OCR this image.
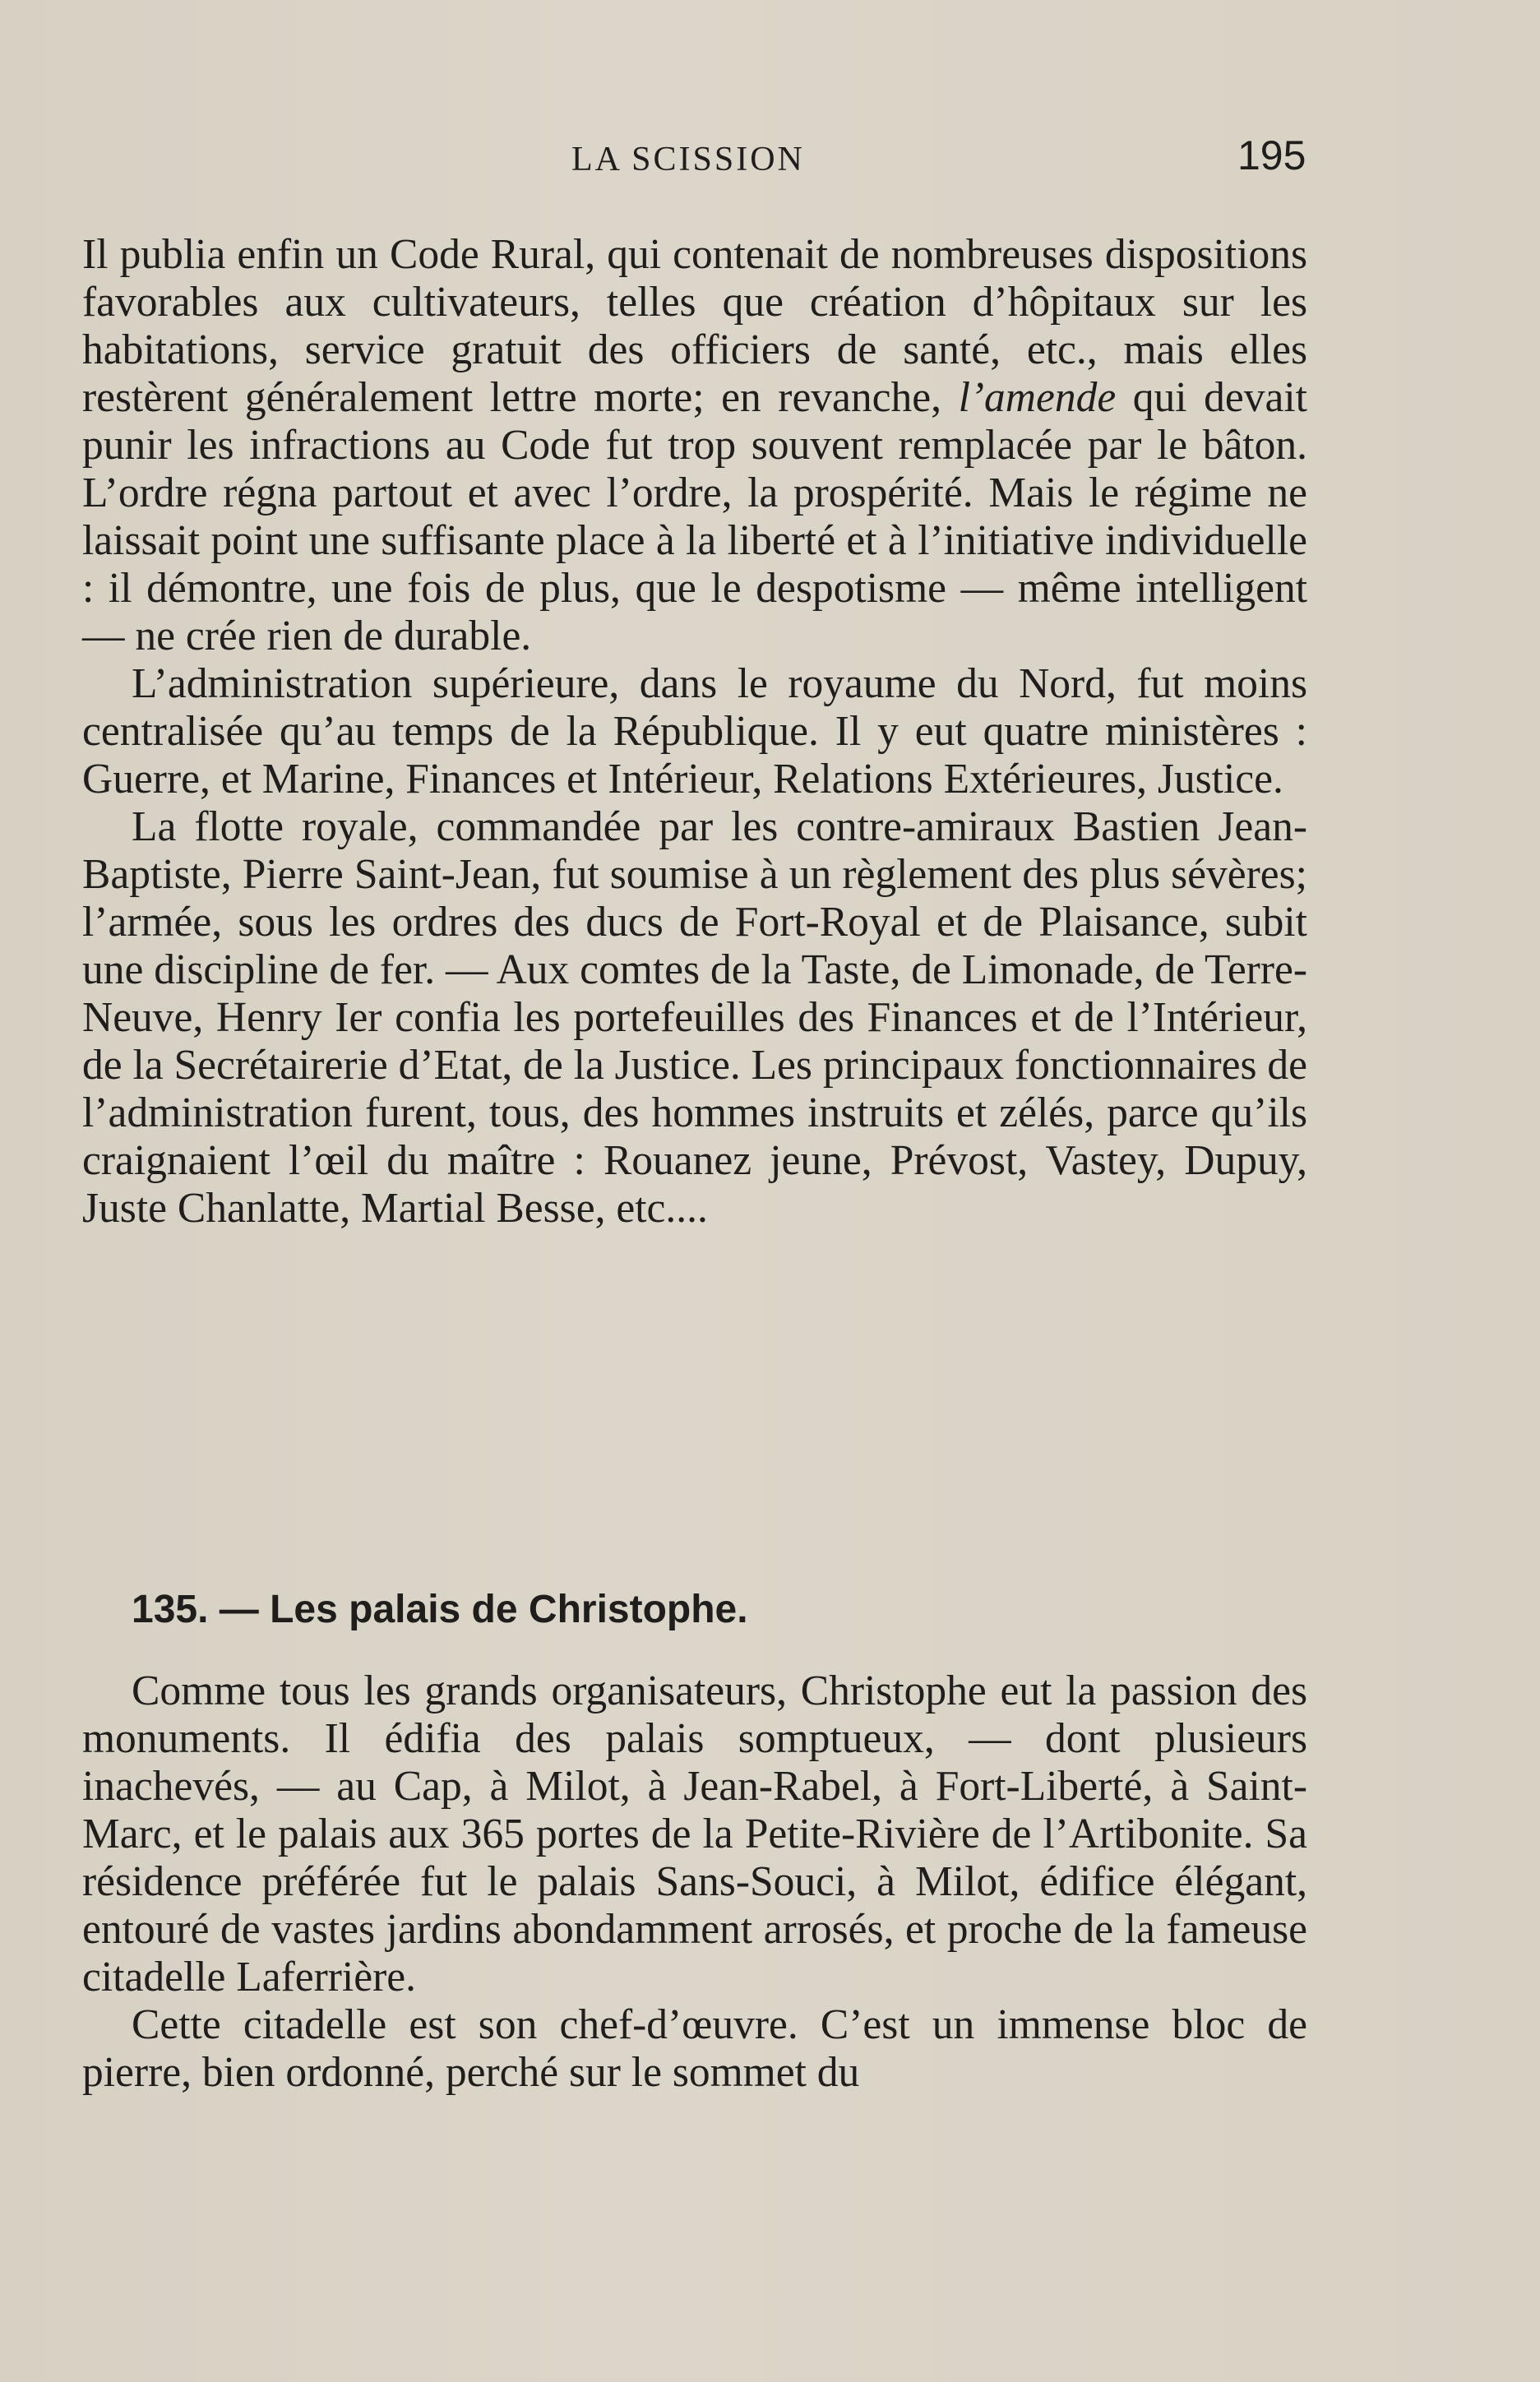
LA SCISSION	195

Il publia enfin un Code Rural, qui contenait de nombreuses dispositions favorables aux cultivateurs, telles que création d’hôpitaux sur les habitations, service gratuit des officiers de santé, etc., mais elles restèrent généralement lettre morte; en revanche, l’amende qui devait punir les infractions au Code fut trop souvent remplacée par le bâton. L’ordre régna partout et avec l’ordre, la prospérité. Mais le régime ne laissait point une suffisante place à la liberté et à l’initiative individuelle : il démontre, une fois de plus, que le despotisme — même intelligent — ne crée rien de durable.

L’administration supérieure, dans le royaume du Nord, fut moins centralisée qu’au temps de la République. Il y eut quatre ministères : Guerre, et Marine, Finances et Intérieur, Relations Extérieures, Justice.

La flotte royale, commandée par les contre-amiraux Bastien Jean-Baptiste, Pierre Saint-Jean, fut soumise à un règlement des plus sévères; l’armée, sous les ordres des ducs de Fort-Royal et de Plaisance, subit une discipline de fer. — Aux comtes de la Taste, de Limonade, de Terre-Neuve, Henry Ier confia les portefeuilles des Finances et de l’Intérieur, de la Secrétairerie d’Etat, de la Justice. Les principaux fonctionnaires de l’administration furent, tous, des hommes instruits et zélés, parce qu’ils craignaient l’œil du maître : Rouanez jeune, Prévost, Vastey, Dupuy, Juste Chanlatte, Martial Besse, etc....

135. — Les palais de Christophe.

Comme tous les grands organisateurs, Christophe eut la passion des monuments. Il édifia des palais somptueux, — dont plusieurs inachevés, — au Cap, à Milot, à Jean-Rabel, à Fort-Liberté, à Saint-Marc, et le palais aux 365 portes de la Petite-Rivière de l’Artibonite. Sa résidence préférée fut le palais Sans-Souci, à Milot, édifice élégant, entouré de vastes jardins abondamment arrosés, et proche de la fameuse citadelle Laferrière.

Cette citadelle est son chef-d’œuvre. C’est un immense bloc de pierre, bien ordonné, perché sur le sommet du
